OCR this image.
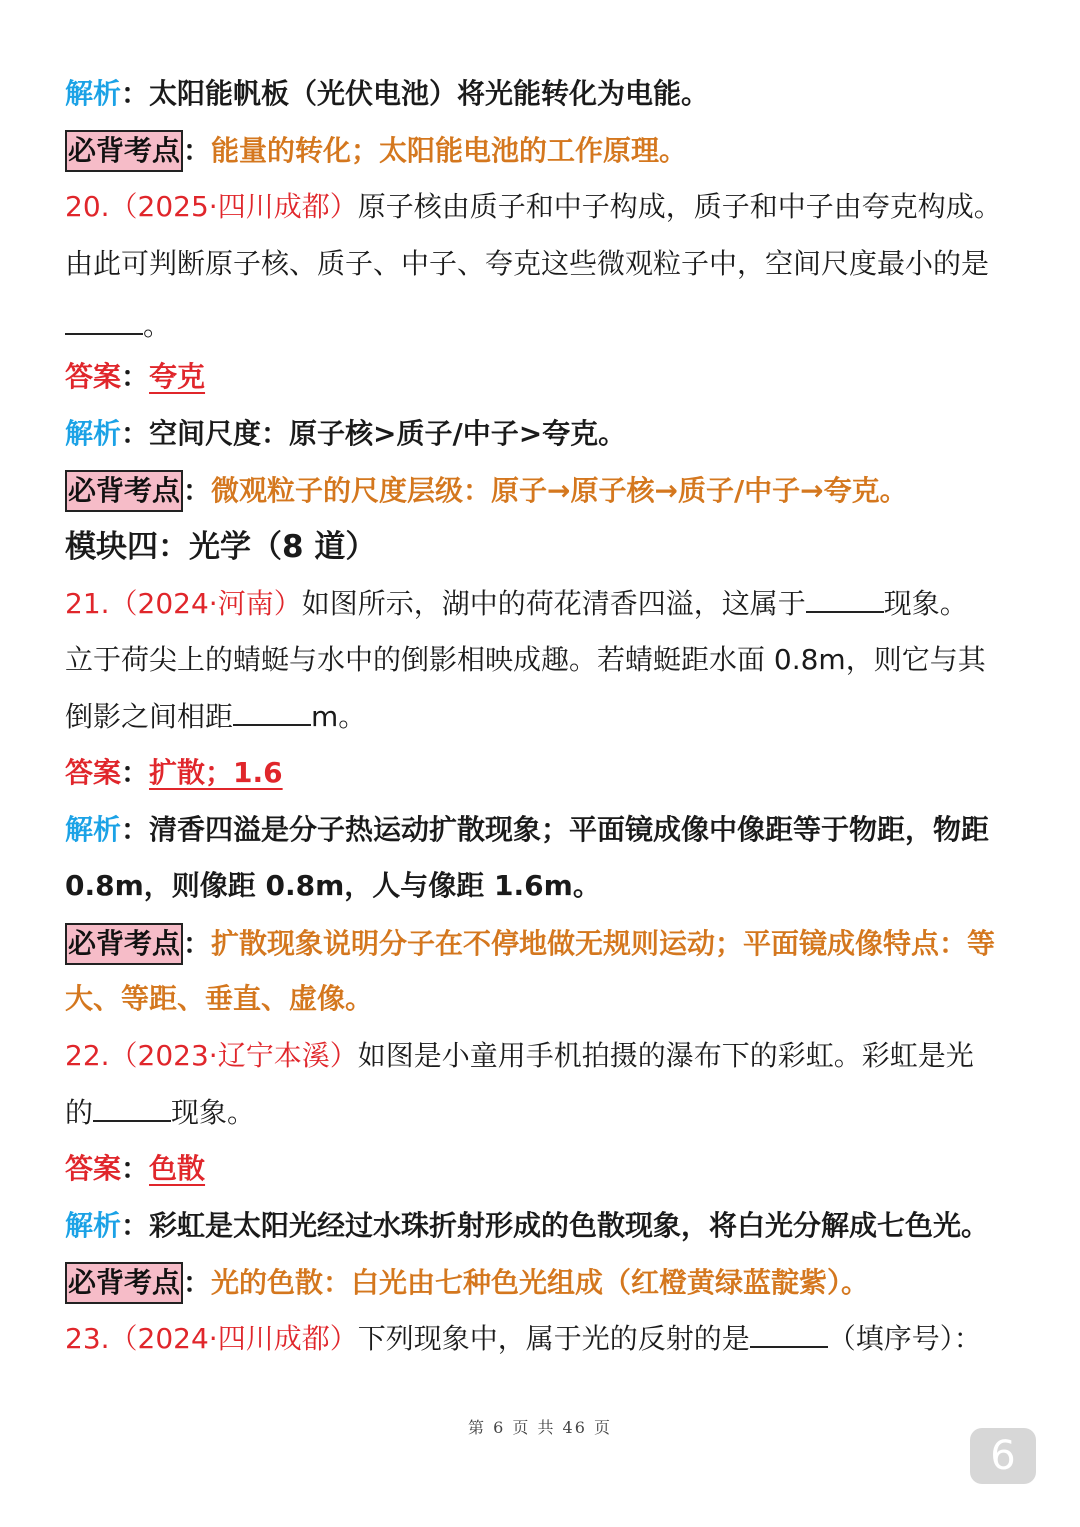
解析：太阳能帆板（光伏电池）将光能转化为电能。
必背考点 ：能量的转化；太阳能电池的工作原理。
20.（2025·四川成都）原子核由质子和中子构成，质子和中子由夸克构成。
由此可判断原子核、质子、中子、夸克这些微观粒子中，空间尺度最小的是
。
答案：夸克
解析：空间尺度：原子核>质子/中子>夸克。
必背考点 ：微观粒子的尺度层级：原子→原子核→质子/中子→夸克。
模块四：光学（8 道）
21.（2024·河南）如图所示，湖中的荷花清香四溢，这属于	现象。
立于荷尖上的蜻蜓与水中的倒影相映成趣。若蜻蜓距水面 0.8m，则它与其
倒影之间相距	m。
答案：扩散；1.6
解析：清香四溢是分子热运动扩散现象；平面镜成像中像距等于物距，物距
0.8m，则像距 0.8m，人与像距 1.6m。
必背考点 ：扩散现象说明分子在不停地做无规则运动；平面镜成像特点：等
大、等距、垂直、虚像。
22.（2023·辽宁本溪）如图是小童用手机拍摄的瀑布下的彩虹。彩虹是光
的	现象。
答案：色散
解析：彩虹是太阳光经过水珠折射形成的色散现象，将白光分解成七色光。
必背考点 ：光的色散：白光由七种色光组成（红橙黄绿蓝靛紫）。
23.（2024·四川成都）下列现象中，属于光的反射的是	（填序号）：
第 6 页 共 46 页
6
